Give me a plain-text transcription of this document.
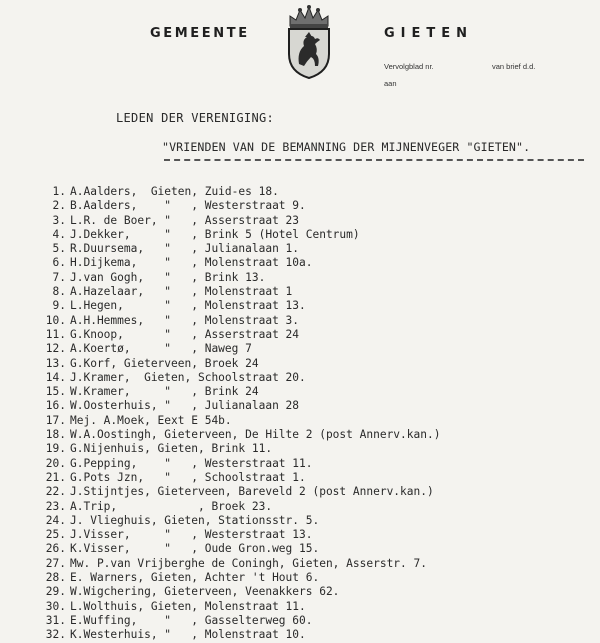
GEMEENTE	GIETEN
Vervolgblad nr.	van brief d.d.
aan
LEDEN DER VERENIGING:
"VRIENDEN VAN DE BEMANNING DER MIJNENVEGER "GIETEN".
1. A.Aalders,  Gieten, Zuid-es 18.
2. B.Aalders,    "   , Westerstraat 9.
3. L.R. de Boer, "   , Asserstraat 23
4. J.Dekker,     "   , Brink 5 (Hotel Centrum)
5. R.Duursema,   "   , Julianalaan 1.
6. H.Dijkema,    "   , Molenstraat 10a.
7. J.van Gogh,   "   , Brink 13.
8. A.Hazelaar,   "   , Molenstraat 1
9. L.Hegen,      "   , Molenstraat 13.
10. A.H.Hemmes,   "   , Molenstraat 3.
11. G.Knoop,      "   , Asserstraat 24
12. A.Koertø,     "   , Naweg 7
13. G.Korf, Gieterveen, Broek 24
14. J.Kramer,  Gieten, Schoolstraat 20.
15. W.Kramer,     "   , Brink 24
16. W.Oosterhuis, "   , Julianalaan 28
17. Mej. A.Moek, Eext E 54b.
18. W.A.Oostingh, Gieterveen, De Hilte 2 (post Annerv.kan.)
19. G.Nijenhuis, Gieten, Brink 11.
20. G.Pepping,    "   , Westerstraat 11.
21. G.Pots Jzn,   "   , Schoolstraat 1.
22. J.Stijntjes, Gieterveen, Bareveld 2 (post Annerv.kan.)
23. A.Trip,            , Broek 23.
24. J. Vlieghuis, Gieten, Stationsstr. 5.
25. J.Visser,     "   , Westerstraat 13.
26. K.Visser,     "   , Oude Gron.weg 15.
27. Mw. P.van Vrijberghe de Coningh, Gieten, Asserstr. 7.
28. E. Warners, Gieten, Achter 't Hout 6.
29. W.Wigchering, Gieterveen, Veenakkers 62.
30. L.Wolthuis, Gieten, Molenstraat 11.
31. E.Wuffing,    "   , Gasselterweg 60.
32. K.Westerhuis, "   , Molenstraat 10.
